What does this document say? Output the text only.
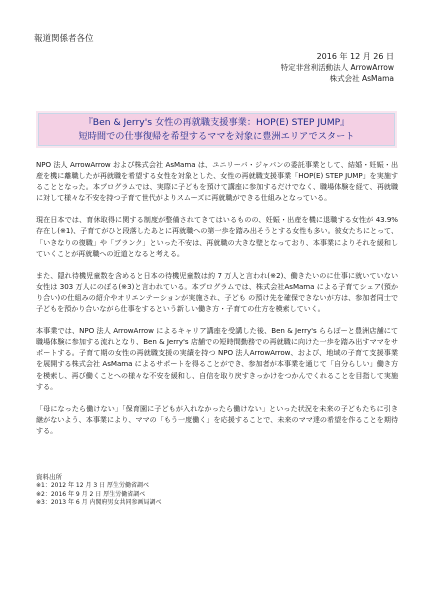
報道関係者各位
2016 年 12 月 26 日
特定非営利活動法人 ArrowArrow
株式会社 AsMama
『Ben & Jerry's 女性の再就職支援事業：HOP(E) STEP JUMP』
短時間での仕事復帰を希望するママを対象に豊洲エリアでスタート

NPO 法人 ArrowArrow および株式会社 AsMama は、ユニリーバ・ジャパンの委託事業として、結婚・妊娠・出産を機に離職したが再就職を希望する女性を対象とした、女性の再就職支援事業「HOP(E) STEP JUMP」を実施することとなった。本プログラムでは、実際に子どもを預けて講座に参加するだけでなく、職場体験を経て、再就職に対して様々な不安を持つ子育て世代がよりスムーズに再就職ができる仕組みとなっている。

現在日本では、育休取得に関する制度が整備されてきてはいるものの、妊娠・出産を機に退職する女性が 43.9%存在し(※1)、子育てがひと段落したあとに再就職への第一歩を踏み出そうとする女性も多い。彼女たちにとって、「いきなりの復職」や「ブランク」といった不安は、再就職の大きな壁となっており、本事業によりそれを緩和していくことが再就職への近道となると考える。

また、隠れ待機児童数を含めると日本の待機児童数は約 7 万人と言われ(※2)、働きたいのに仕事に就いていない女性は 303 万人にのぼる(※3)と言われている。本プログラムでは、株式会社AsMama による子育てシェア(預かり合い)の仕組みの紹介やオリエンテーションが実施され、子ども の預け先を確保できないが方は、参加者同士で子どもを預かり合いながら仕事をするという新しい働き方・子育ての仕方を模索していく。

本事業では、NPO 法人 ArrowArrow によるキャリア講座を受講した後、Ben & Jerry's ららぽーと豊洲店舗にて職場体験に参加する流れとなり、Ben & Jerry's 店舗での短時間勤務での再就職に向けた一歩を踏み出すママをサポートする。子育て期の女性の再就職支援の実績を持つ NPO 法人ArrowArrow、および、地域の子育て支援事業を展開する株式会社 AsMama によるサポートを得ることができ、参加者が本事業を通じて「自分らしい」働き方を模索し、再び働くことへの様々な不安を緩和し、自信を取り戻すきっかけをつかんでくれることを目指して実施する。

「母になったら働けない」「保育園に子どもが入れなかったら働けない」といった状況を未来の子どもたちに引き継がないよう、本事業により、ママの「もう一度働く」を応援することで、未来のママ達の希望を作ることを期待する。

資料出所
※1：2012 年 12 月 3 日 厚生労働省調べ
※2：2016 年 9 月 2 日 厚生労働省調べ
※3：2013 年 6 月 内閣府男女共同参画局調べ
